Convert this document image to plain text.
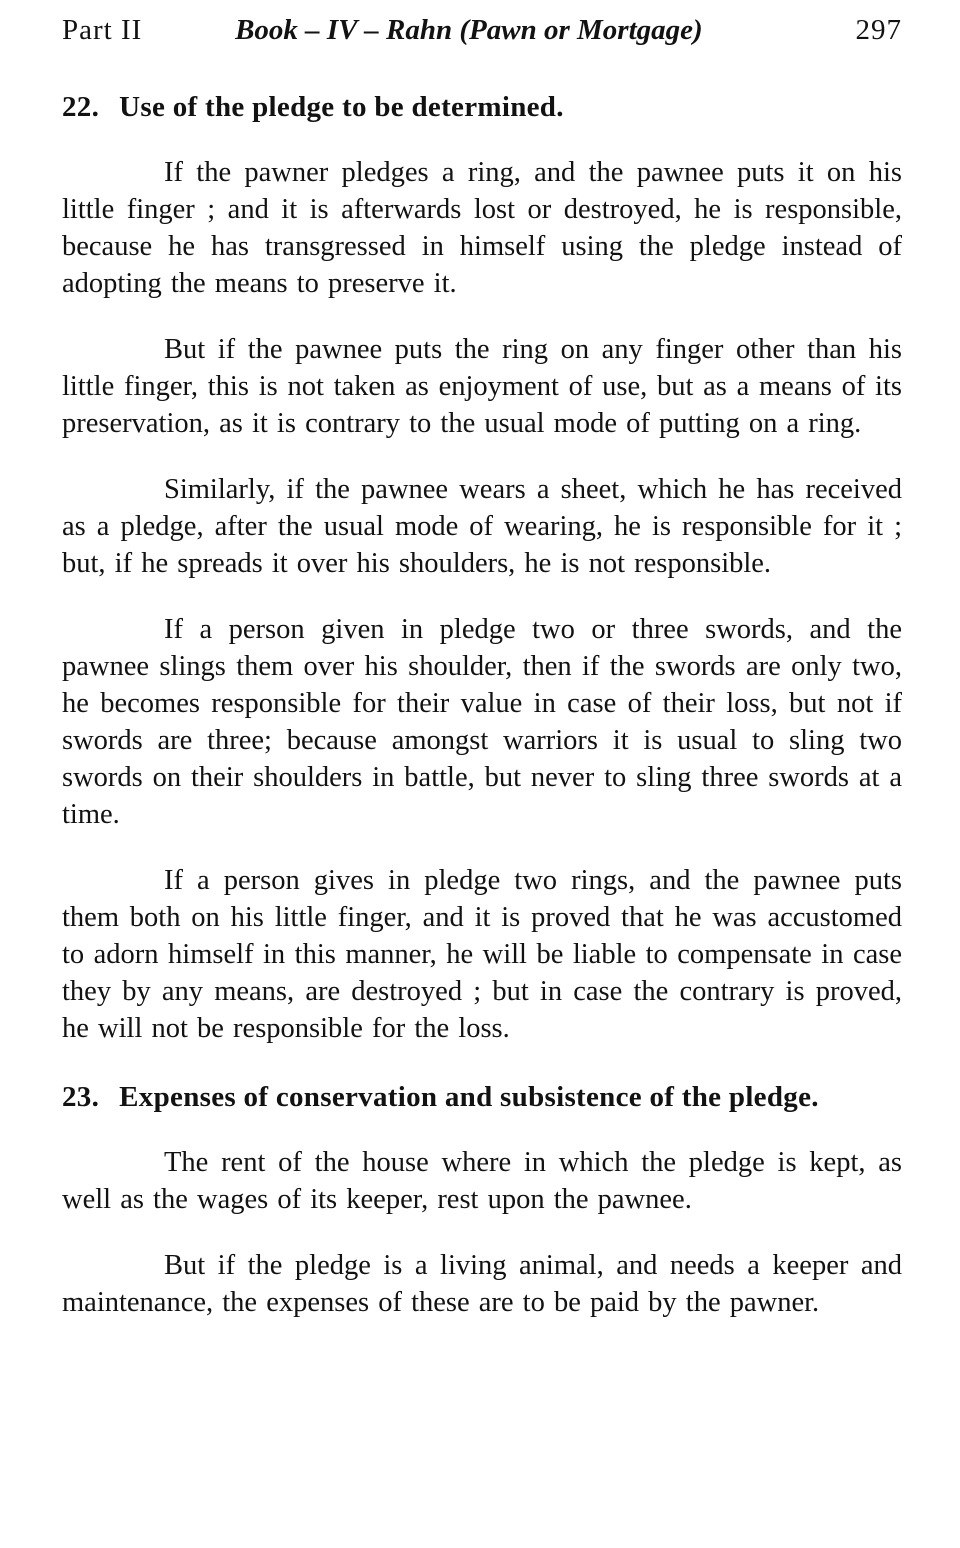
Part II	Book – IV – Rahn (Pawn or Mortgage)	297
22. Use of the pledge to be determined.

If the pawner pledges a ring, and the pawnee puts it on his little finger ; and it is afterwards lost or destroyed, he is responsible, because he has transgressed in himself using the pledge instead of adopting the means to preserve it.

But if the pawnee puts the ring on any finger other than his little finger, this is not taken as enjoyment of use, but as a means of its preservation, as it is contrary to the usual mode of putting on a ring.

Similarly, if the pawnee wears a sheet, which he has received as a pledge, after the usual mode of wearing, he is responsible for it ; but, if he spreads it over his shoulders, he is not responsible.

If a person given in pledge two or three swords, and the pawnee slings them over his shoulder, then if the swords are only two, he becomes responsible for their value in case of their loss, but not if swords are three; because amongst warriors it is usual to sling two swords on their shoulders in battle, but never to sling three swords at a time.

If a person gives in pledge two rings, and the pawnee puts them both on his little finger, and it is proved that he was accustomed to adorn himself in this manner, he will be liable to compensate in case they by any means, are destroyed ; but in case the contrary is proved, he will not be responsible for the loss.

23. Expenses of conservation and subsistence of the pledge.

The rent of the house where in which the pledge is kept, as well as the wages of its keeper, rest upon the pawnee.

But if the pledge is a living animal, and needs a keeper and maintenance, the expenses of these are to be paid by the pawner.
